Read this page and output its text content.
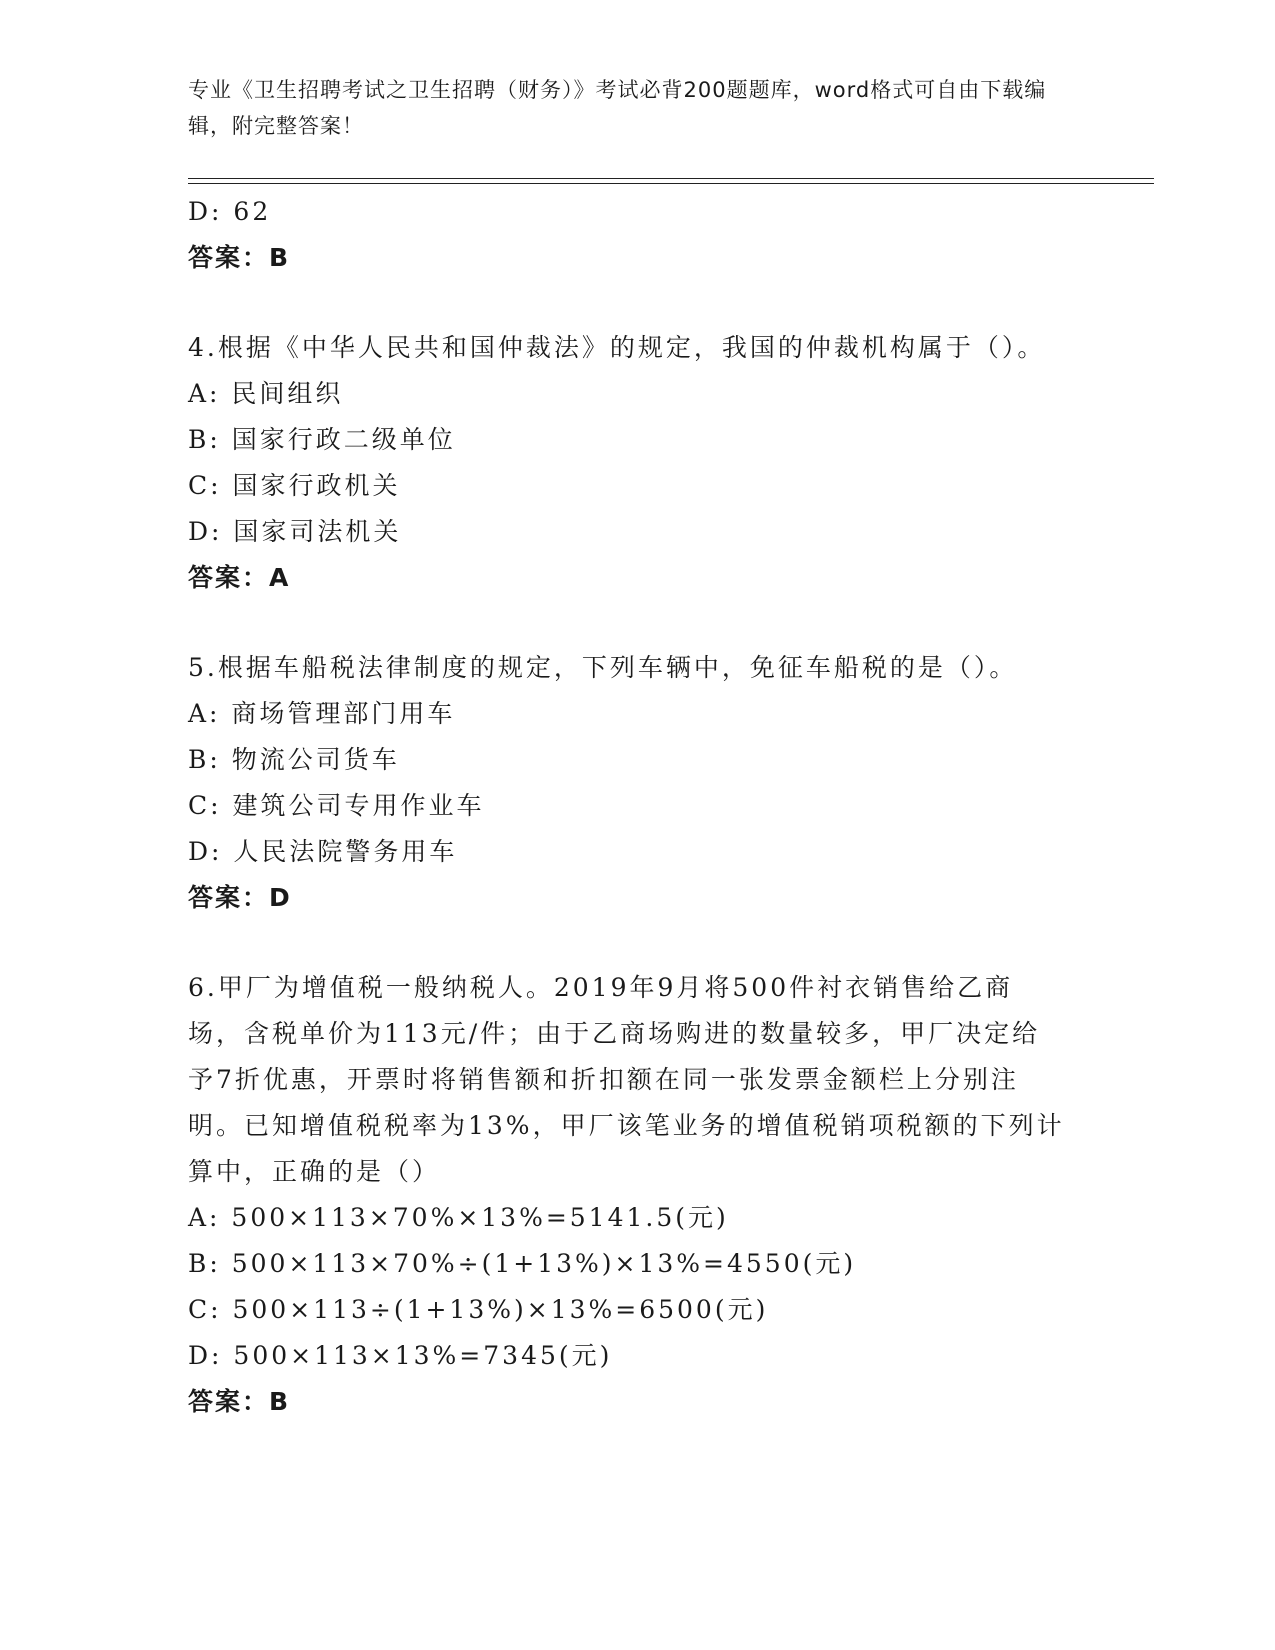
专业《卫生招聘考试之卫生招聘（财务）》考试必背200题题库，word格式可自由下载编辑，附完整答案！
D: 62
答案：B
4.根据《中华人民共和国仲裁法》的规定，我国的仲裁机构属于（）。
A: 民间组织
B: 国家行政二级单位
C: 国家行政机关
D: 国家司法机关
答案：A
5.根据车船税法律制度的规定，下列车辆中，免征车船税的是（）。
A: 商场管理部门用车
B: 物流公司货车
C: 建筑公司专用作业车
D: 人民法院警务用车
答案：D
6.甲厂为增值税一般纳税人。2019年9月将500件衬衣销售给乙商场，含税单价为113元/件；由于乙商场购进的数量较多，甲厂决定给予7折优惠，开票时将销售额和折扣额在同一张发票金额栏上分别注明。已知增值税税率为13%，甲厂该笔业务的增值税销项税额的下列计算中，正确的是（）
A: 500×113×70%×13%=5141.5(元)
B: 500×113×70%÷(1+13%)×13%=4550(元)
C: 500×113÷(1+13%)×13%=6500(元)
D: 500×113×13%=7345(元)
答案：B
